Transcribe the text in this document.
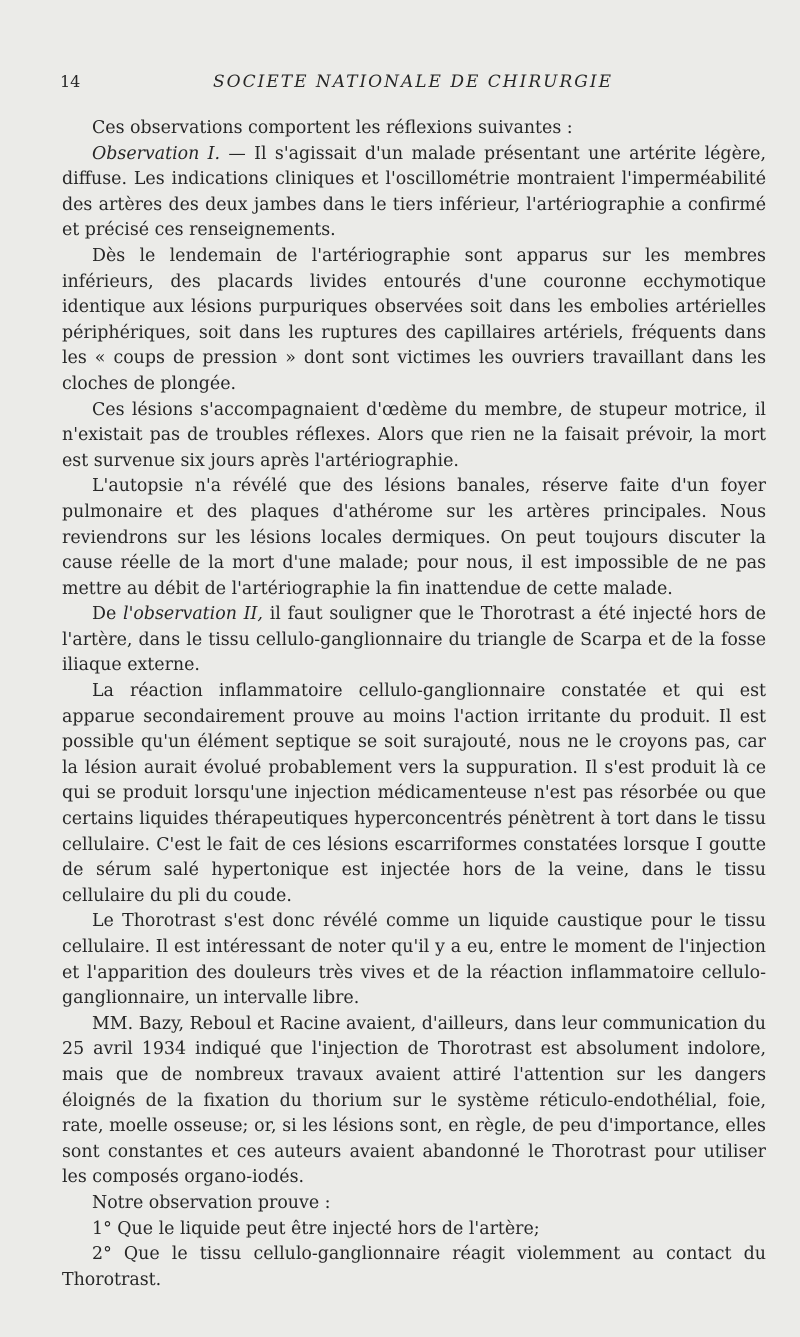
14	SOCIETE NATIONALE DE CHIRURGIE

Ces observations comportent les réflexions suivantes :

Observation I. — Il s'agissait d'un malade présentant une artérite légère, diffuse. Les indications cliniques et l'oscillométrie montraient l'imperméabilité des artères des deux jambes dans le tiers inférieur, l'artériographie a confirmé et précisé ces renseignements.

Dès le lendemain de l'artériographie sont apparus sur les membres inférieurs, des placards livides entourés d'une couronne ecchymotique identique aux lésions purpuriques observées soit dans les embolies artérielles périphériques, soit dans les ruptures des capillaires artériels, fréquents dans les « coups de pression » dont sont victimes les ouvriers travaillant dans les cloches de plongée.

Ces lésions s'accompagnaient d'œdème du membre, de stupeur motrice, il n'existait pas de troubles réflexes. Alors que rien ne la faisait prévoir, la mort est survenue six jours après l'artériographie.

L'autopsie n'a révélé que des lésions banales, réserve faite d'un foyer pulmonaire et des plaques d'athérome sur les artères principales. Nous reviendrons sur les lésions locales dermiques. On peut toujours discuter la cause réelle de la mort d'une malade; pour nous, il est impossible de ne pas mettre au débit de l'artériographie la fin inattendue de cette malade.

De l'observation II, il faut souligner que le Thorotrast a été injecté hors de l'artère, dans le tissu cellulo-ganglionnaire du triangle de Scarpa et de la fosse iliaque externe.

La réaction inflammatoire cellulo-ganglionnaire constatée et qui est apparue secondairement prouve au moins l'action irritante du produit. Il est possible qu'un élément septique se soit surajouté, nous ne le croyons pas, car la lésion aurait évolué probablement vers la suppuration. Il s'est produit là ce qui se produit lorsqu'une injection médicamenteuse n'est pas résorbée ou que certains liquides thérapeutiques hyperconcentrés pénètrent à tort dans le tissu cellulaire. C'est le fait de ces lésions escarriformes constatées lorsque I goutte de sérum salé hypertonique est injectée hors de la veine, dans le tissu cellulaire du pli du coude.

Le Thorotrast s'est donc révélé comme un liquide caustique pour le tissu cellulaire. Il est intéressant de noter qu'il y a eu, entre le moment de l'injection et l'apparition des douleurs très vives et de la réaction inflammatoire cellulo-ganglionnaire, un intervalle libre.

MM. Bazy, Reboul et Racine avaient, d'ailleurs, dans leur communication du 25 avril 1934 indiqué que l'injection de Thorotrast est absolument indolore, mais que de nombreux travaux avaient attiré l'attention sur les dangers éloignés de la fixation du thorium sur le système réticulo-endothélial, foie, rate, moelle osseuse; or, si les lésions sont, en règle, de peu d'importance, elles sont constantes et ces auteurs avaient abandonné le Thorotrast pour utiliser les composés organo-iodés.

Notre observation prouve :

1° Que le liquide peut être injecté hors de l'artère;

2° Que le tissu cellulo-ganglionnaire réagit violemment au contact du Thorotrast.
